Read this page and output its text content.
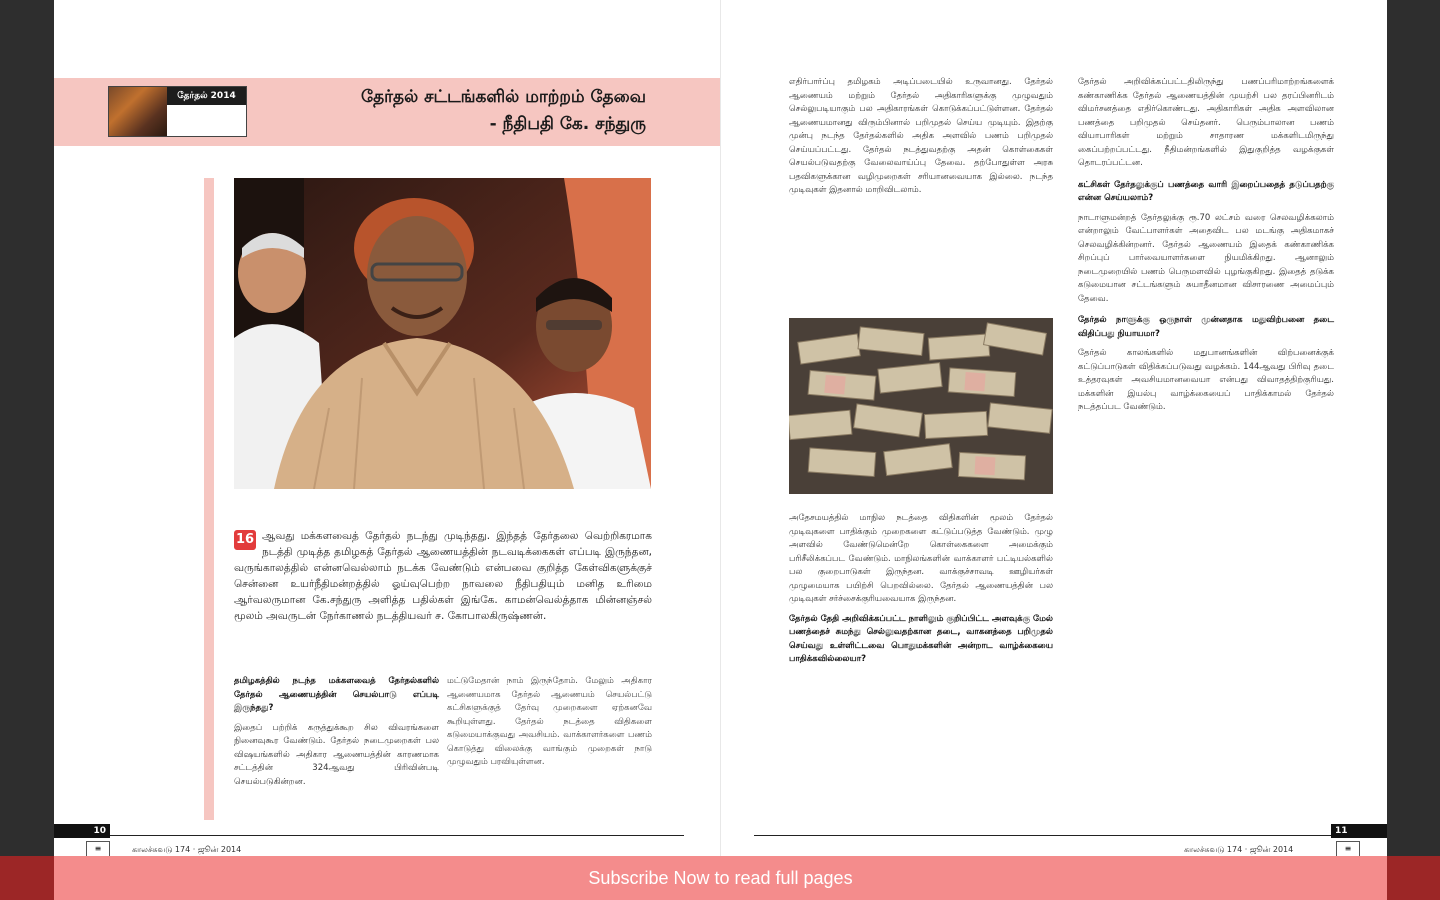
தேர்தல் 2014	தேர்தல் சட்டங்களில் மாற்றம் தேவை
- நீதிபதி கே. சந்துரு
16 ஆவது மக்களவைத் தேர்தல் நடந்து முடிந்தது. இந்தத் தேர்தலை வெற்றிகரமாக நடத்தி முடித்த தமிழகத் தேர்தல் ஆணையத்தின் நடவடிக்கைகள் எப்படி இருந்தன, வருங்காலத்தில் என்னவெல்லாம் நடக்க வேண்டும் என்பவை குறித்த கேள்விகளுக்குச் சென்னை உயர்நீதிமன்றத்தில் ஓய்வுபெற்ற நாவலை நீதிபதியும் மனித உரிமை ஆர்வலருமான கே.சந்துரு அளித்த பதில்கள் இங்கே. காமன்வெல்த்தாக மின்னஞ்சல் மூலம் அவருடன் நேர்காணல் நடத்தியவர் ச. கோபாலகிருஷ்ணன்.
தமிழகத்தில் நடந்த மக்களவைத் தேர்தல்களில் தேர்தல் ஆணையத்தின் செயல்பாடு எப்படி இருந்தது?
இதைப் பற்றிக் கருத்துக்கூற சில விவரங்களை நினைவுகூர வேண்டும். தேர்தல் நடைமுறைகள் பல விஷயங்களில் அதிகார ஆணையத்தின் காரணமாக சட்டத்தின் 324ஆவது பிரிவின்படி செயல்படுகின்றன.
மட்டுமேதான் நாம் இருந்தோம். மேலும் அதிகார ஆணையமாக தேர்தல் ஆணையம் செயல்பட்டு கட்சிகளுக்குத் தேர்வு முறைகளை ஏற்கனவே கூறியுள்ளது. தேர்தல் நடத்தை விதிகளை கடுமையாக்குவது அவசியம். வாக்காளர்களை பணம் கொடுத்து விலைக்கு வாங்கும் முறைகள் நாடு முழுவதும் பரவியுள்ளன.
எதிர்பார்ப்பு தமிழகம் அடிப்படையில் உருவானது. தேர்தல் ஆணையம் மற்றும் தேர்தல் அதிகாரிகளுக்கு முழுவதும் செல்லுபடியாகும் பல அதிகாரங்கள் கொடுக்கப்பட்டுள்ளன. தேர்தல் ஆணையமானது விரும்பினால் பறிமுதல் செய்ய முடியும். இதற்கு முன்பு நடந்த தேர்தல்களில் அதிக அளவில் பணம் பறிமுதல் செய்யப்பட்டது. தேர்தல் நடத்துவதற்கு அதன் கொள்கைகள் செயல்படுவதற்கு வேலைவாய்ப்பு தேவை. தற்போதுள்ள அரசு பதவிகளுக்கான வழிமுறைகள் சரியானவையாக இல்லை. நடந்த முடிவுகள் இதனால் மாறிவிடலாம்.
அதேசமயத்தில் மாநில நடத்தை விதிகளின் மூலம் தேர்தல் முடிவுகளை பாதிக்கும் முறைகளை கட்டுப்படுத்த வேண்டும். முழு அளவில் வேண்டுமென்றே கொள்கைகளை அமைக்கும் பரிசீலிக்கப்பட வேண்டும். மாநிலங்களின் வாக்காளர் பட்டியல்களில் பல குறைபாடுகள் இருந்தன. வாக்குச்சாவடி ஊழியர்கள் முழுமையாக பயிற்சி பெறவில்லை. தேர்தல் ஆணையத்தின் பல முடிவுகள் சர்ச்சைக்குரியவையாக இருந்தன.
தேர்தல் தேதி அறிவிக்கப்பட்ட நாளிலும் குறிப்பிட்ட அளவுக்கு மேல் பணத்தைச் சுமந்து செல்லுவதற்கான தடை, வாகனத்தை பறிமுதல் செய்வது உள்ளிட்டவை பொதுமக்களின் அன்றாட வாழ்க்கையை பாதிக்கவில்லையா?
தேர்தல் அறிவிக்கப்பட்டதிலிருந்து பணப்பரிமாற்றங்களைக் கண்காணிக்க தேர்தல் ஆணையத்தின் முயற்சி பல தரப்பினரிடம் விமர்சனத்தை எதிர்கொண்டது. அதிகாரிகள் அதிக அளவிலான பணத்தை பறிமுதல் செய்தனர். பெரும்பாலான பணம் வியாபாரிகள் மற்றும் சாதாரண மக்களிடமிருந்து கைப்பற்றப்பட்டது. நீதிமன்றங்களில் இதுகுறித்த வழக்குகள் தொடரப்பட்டன.
கட்சிகள் தேர்தலுக்குப் பணத்தை வாரி இறைப்பதைத் தடுப்பதற்கு என்ன செய்யலாம்?
நாடாளுமன்றத் தேர்தலுக்கு ரூ.70 லட்சம் வரை செலவழிக்கலாம் என்றாலும் வேட்பாளர்கள் அதைவிட பல மடங்கு அதிகமாகச் செலவழிக்கின்றனர். தேர்தல் ஆணையம் இதைக் கண்காணிக்க சிறப்புப் பார்வையாளர்களை நியமிக்கிறது. ஆனாலும் நடைமுறையில் பணம் பெருமளவில் புழங்குகிறது. இதைத் தடுக்க கடுமையான சட்டங்களும் சுயாதீனமான விசாரணை அமைப்பும் தேவை.
தேர்தல் நாளுக்கு ஒருநாள் முன்னதாக மதுவிற்பனை தடை விதிப்பது நியாயமா?
தேர்தல் காலங்களில் மதுபானங்களின் விற்பனைக்குக் கட்டுப்பாடுகள் விதிக்கப்படுவது வழக்கம். 144ஆவது பிரிவு தடை உத்தரவுகள் அவசியமானவையா என்பது விவாதத்திற்குரியது. மக்களின் இயல்பு வாழ்க்கையைப் பாதிக்காமல் தேர்தல் நடத்தப்பட வேண்டும்.
10	11
≡	காலச்சுவடு 174 · ஜூன் 2014	காலச்சுவடு 174 · ஜூன் 2014	≡
Subscribe Now to read full pages
